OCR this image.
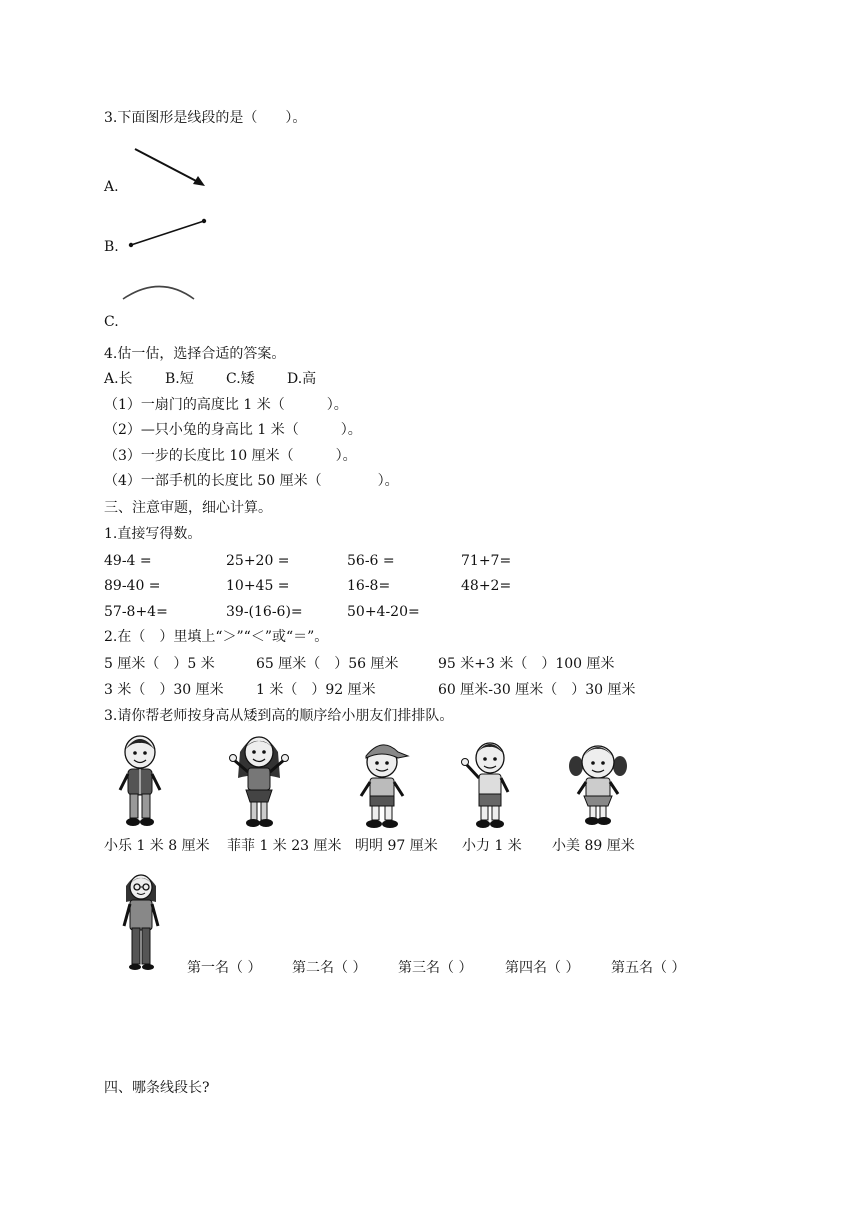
3.下面图形是线段的是（　　）。
A.
B.
C.
4.估一估，选择合适的答案。
A.长 B.短 C.矮 D.高
（1）一扇门的高度比 1 米（　　　）。
（2）—只小兔的身高比 1 米（　　　）。
（3）一步的长度比 10 厘米（　　　）。
（4）一部手机的长度比 50 厘米（　　　　）。
三、注意审题，细心计算。
1.直接写得数。
49-4 =	25+20 =	56-6 =	71+7=
89-40 =	10+45 =	16-8=	48+2=
57-8+4=	39-(16-6)=	50+4-20=
2.在（　）里填上“＞”“＜”或“＝”。
5 厘米（　）5 米	65 厘米（　）56 厘米	95 米+3 米（　）100 厘米
3 米（　）30 厘米 1 米（　）92 厘米	60 厘米-30 厘米（　）30 厘米
3.请你帮老师按身高从矮到高的顺序给小朋友们排排队。
小乐 1 米 8 厘米 菲菲 1 米 23 厘米 明明 97 厘米 小力 1 米 小美 89 厘米
第一名（ ） 第二名（ ） 第三名（ ） 第四名（ ） 第五名（ ）
四、哪条线段长?
